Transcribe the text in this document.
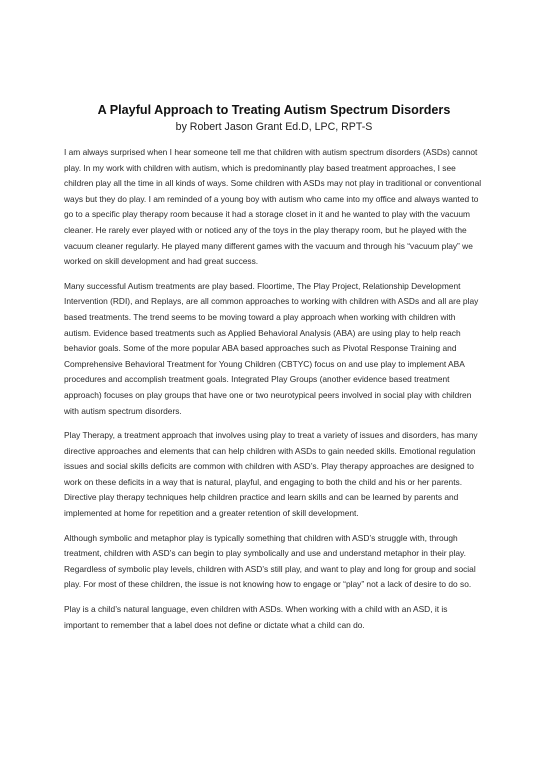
A Playful Approach to Treating Autism Spectrum Disorders
by Robert Jason Grant Ed.D, LPC, RPT-S

I am always surprised when I hear someone tell me that children with autism spectrum disorders (ASDs) cannot play. In my work with children with autism, which is predominantly play based treatment approaches, I see children play all the time in all kinds of ways. Some children with ASDs may not play in traditional or conventional ways but they do play. I am reminded of a young boy with autism who came into my office and always wanted to go to a specific play therapy room because it had a storage closet in it and he wanted to play with the vacuum cleaner. He rarely ever played with or noticed any of the toys in the play therapy room, but he played with the vacuum cleaner regularly. He played many different games with the vacuum and through his “vacuum play” we worked on skill development and had great success.

Many successful Autism treatments are play based. Floortime, The Play Project, Relationship Development Intervention (RDI), and Replays, are all common approaches to working with children with ASDs and all are play based treatments. The trend seems to be moving toward a play approach when working with children with autism. Evidence based treatments such as Applied Behavioral Analysis (ABA) are using play to help reach behavior goals. Some of the more popular ABA based approaches such as Pivotal Response Training and Comprehensive Behavioral Treatment for Young Children (CBTYC) focus on and use play to implement ABA procedures and accomplish treatment goals. Integrated Play Groups (another evidence based treatment approach) focuses on play groups that have one or two neurotypical peers involved in social play with children with autism spectrum disorders.

Play Therapy, a treatment approach that involves using play to treat a variety of issues and disorders, has many directive approaches and elements that can help children with ASDs to gain needed skills. Emotional regulation issues and social skills deficits are common with children with ASD’s. Play therapy approaches are designed to work on these deficits in a way that is natural, playful, and engaging to both the child and his or her parents. Directive play therapy techniques help children practice and learn skills and can be learned by parents and implemented at home for repetition and a greater retention of skill development.

Although symbolic and metaphor play is typically something that children with ASD’s struggle with, through treatment, children with ASD’s can begin to play symbolically and use and understand metaphor in their play. Regardless of symbolic play levels, children with ASD’s still play, and want to play and long for group and social play. For most of these children, the issue is not knowing how to engage or “play” not a lack of desire to do so.

Play is a child’s natural language, even children with ASDs. When working with a child with an ASD, it is important to remember that a label does not define or dictate what a child can do.
